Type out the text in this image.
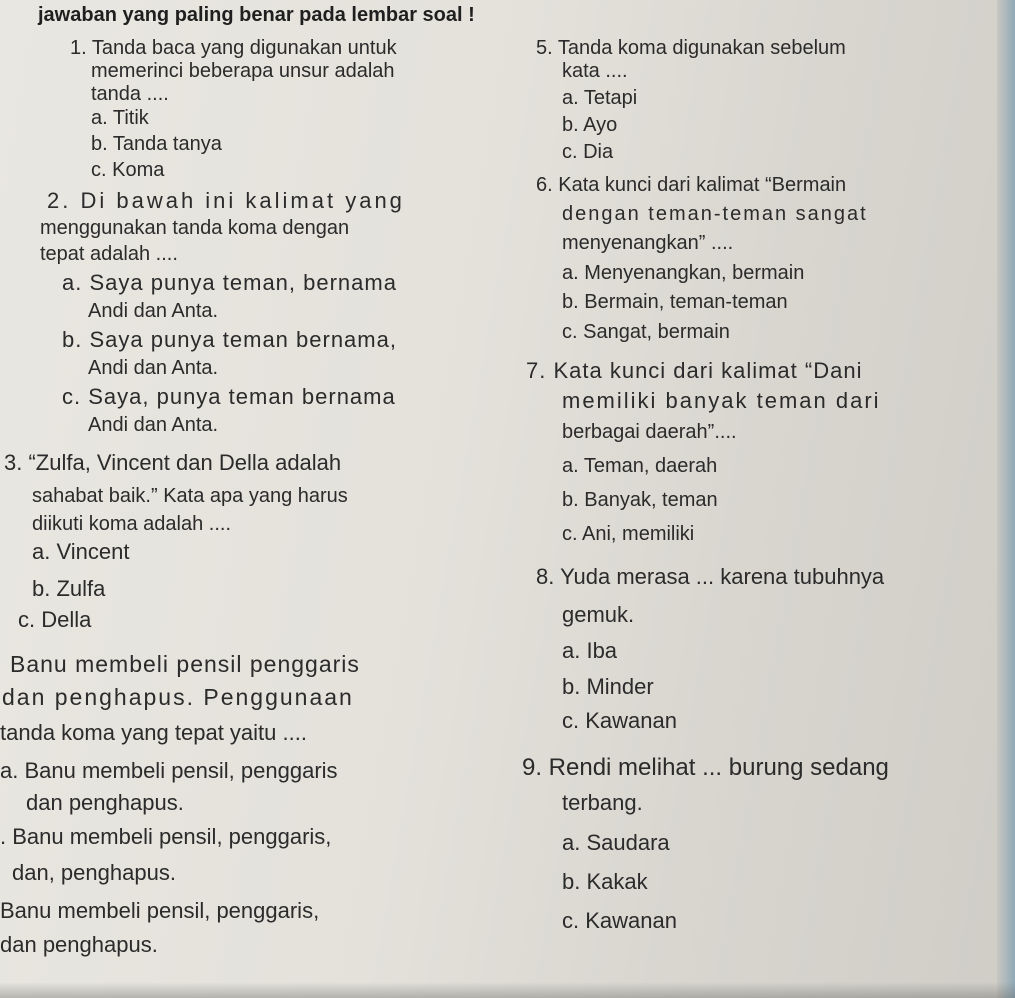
jawaban yang paling benar pada lembar soal !
1. Tanda baca yang digunakan untuk
memerinci beberapa unsur adalah
tanda ....
a. Titik
b. Tanda tanya
c. Koma
2. Di bawah ini kalimat yang
menggunakan tanda koma dengan
tepat adalah ....
a. Saya punya teman, bernama
Andi dan Anta.
b. Saya punya teman bernama,
Andi dan Anta.
c. Saya, punya teman bernama
Andi dan Anta.
3. “Zulfa, Vincent dan Della adalah
sahabat baik.” Kata apa yang harus
diikuti koma adalah ....
a. Vincent
b. Zulfa
c. Della
Banu membeli pensil penggaris
dan penghapus. Penggunaan
tanda koma yang tepat yaitu ....
a. Banu membeli pensil, penggaris
dan penghapus.
. Banu membeli pensil, penggaris,
dan, penghapus.
Banu membeli pensil, penggaris,
dan penghapus.
5. Tanda koma digunakan sebelum
kata ....
a. Tetapi
b. Ayo
c. Dia
6. Kata kunci dari kalimat “Bermain
dengan teman-teman sangat
menyenangkan” ....
a. Menyenangkan, bermain
b. Bermain, teman-teman
c. Sangat, bermain
7. Kata kunci dari kalimat “Dani
memiliki banyak teman dari
berbagai daerah”....
a. Teman, daerah
b. Banyak, teman
c. Ani, memiliki
8. Yuda merasa ... karena tubuhnya
gemuk.
a. Iba
b. Minder
c. Kawanan
9. Rendi melihat ... burung sedang
terbang.
a. Saudara
b. Kakak
c. Kawanan
